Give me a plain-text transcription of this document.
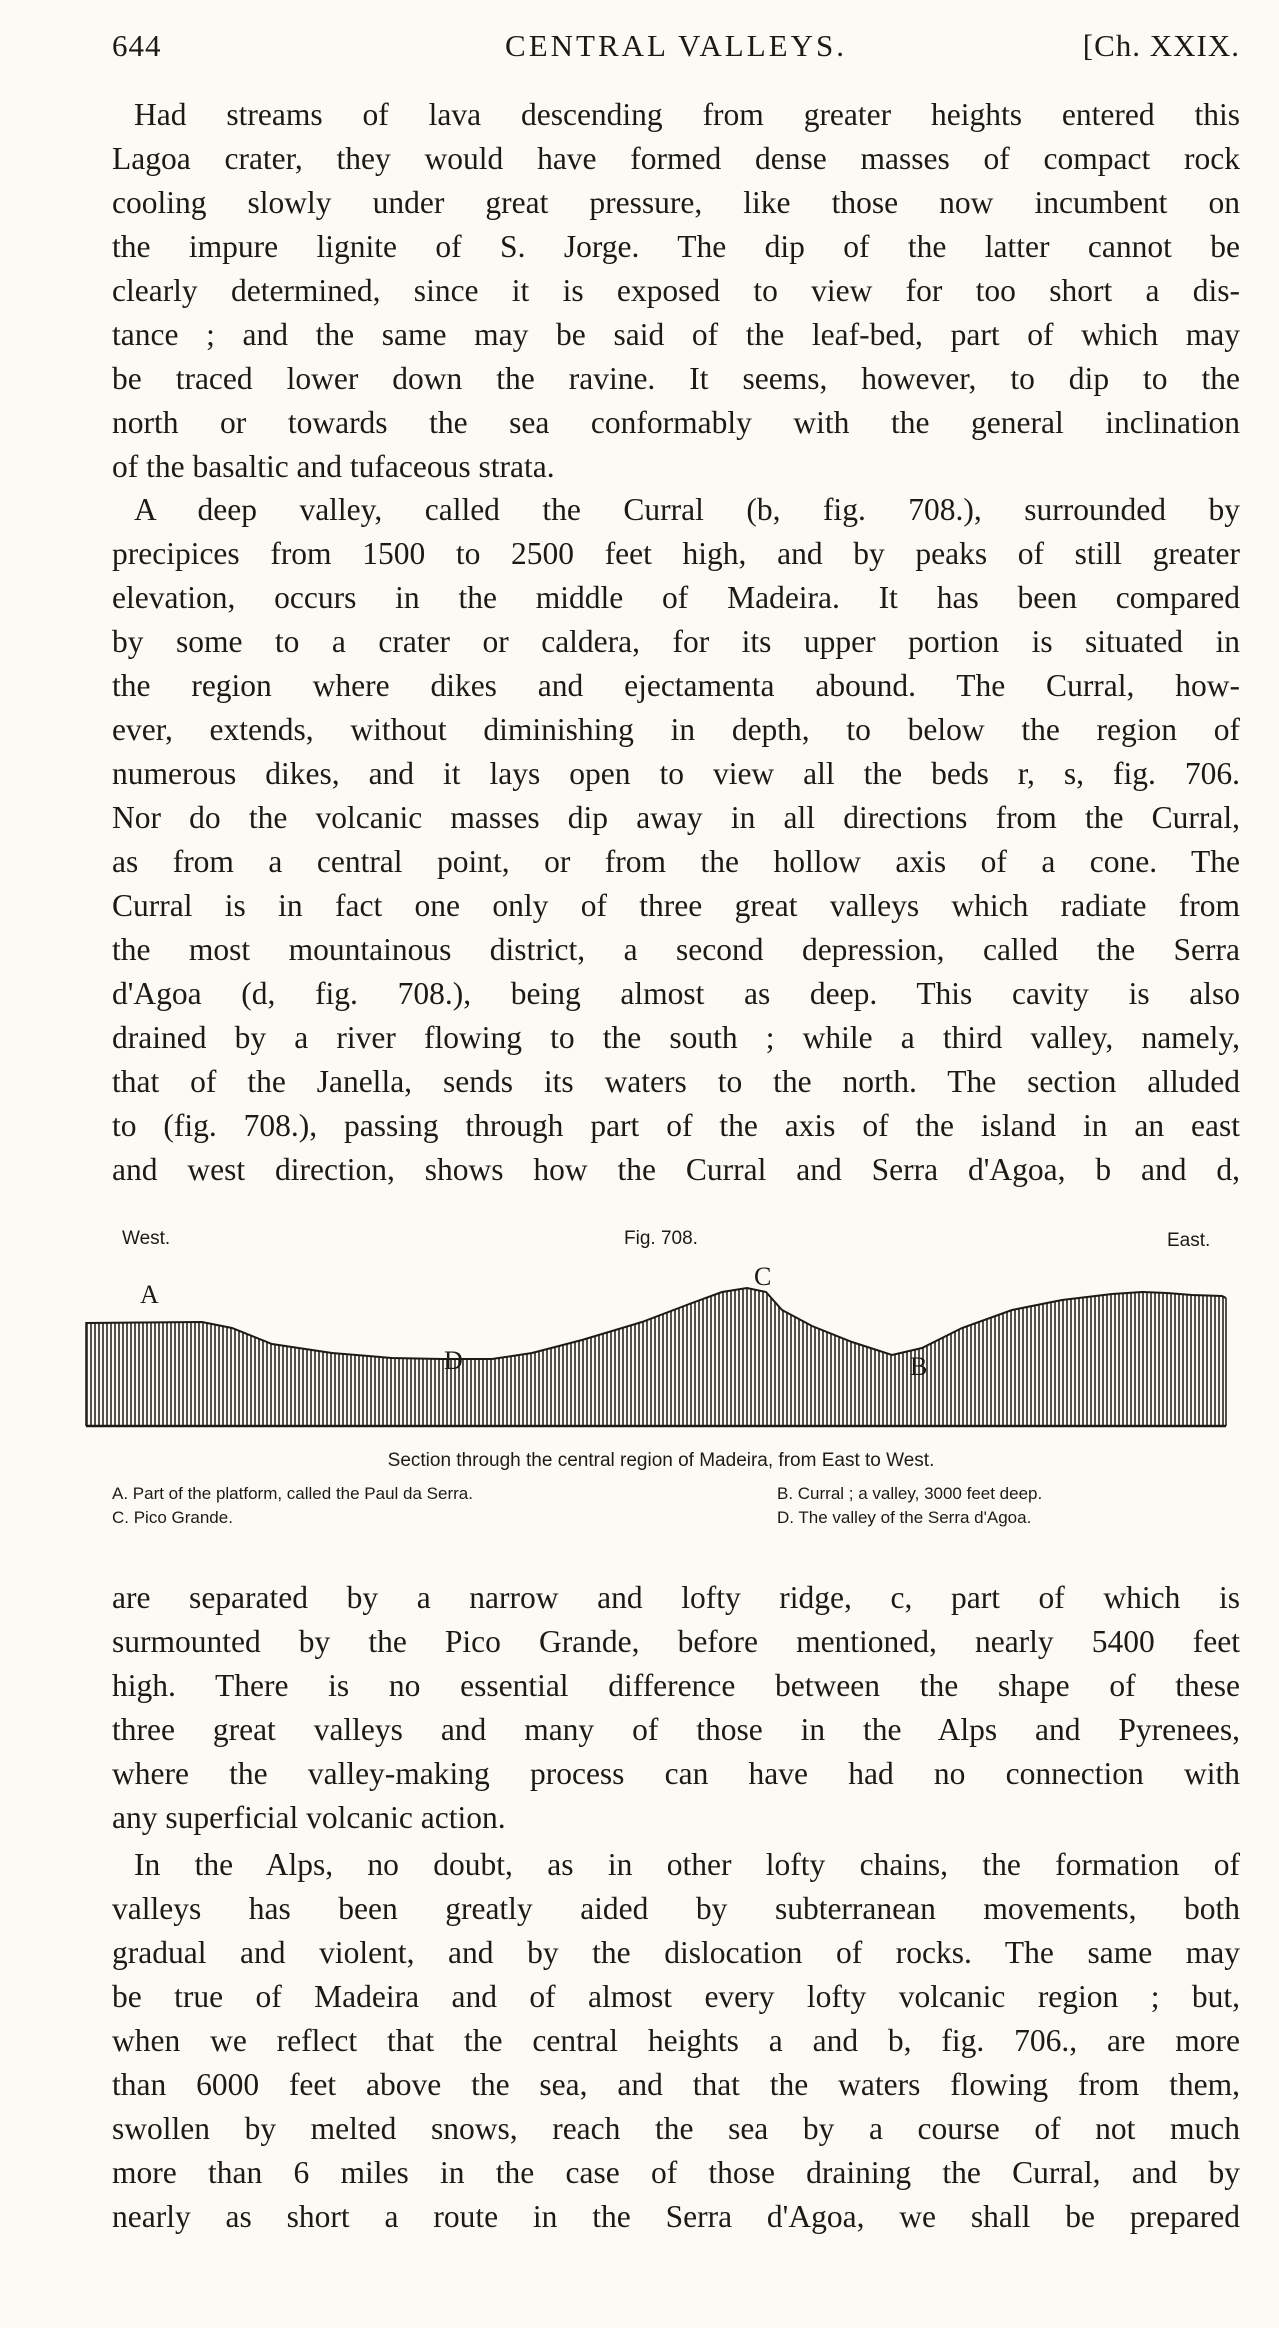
644	CENTRAL VALLEYS.	[Ch. XXIX.
Had streams of lava descending from greater heights entered this
Lagoa crater, they would have formed dense masses of compact rock
cooling slowly under great pressure, like those now incumbent on
the impure lignite of S. Jorge. The dip of the latter cannot be
clearly determined, since it is exposed to view for too short a dis-
tance ; and the same may be said of the leaf-bed, part of which may
be traced lower down the ravine. It seems, however, to dip to the
north or towards the sea conformably with the general inclination
of the basaltic and tufaceous strata.
A deep valley, called the Curral (b, fig. 708.), surrounded by
precipices from 1500 to 2500 feet high, and by peaks of still greater
elevation, occurs in the middle of Madeira. It has been compared
by some to a crater or caldera, for its upper portion is situated in
the region where dikes and ejectamenta abound. The Curral, how-
ever, extends, without diminishing in depth, to below the region of
numerous dikes, and it lays open to view all the beds r, s, fig. 706.
Nor do the volcanic masses dip away in all directions from the Curral,
as from a central point, or from the hollow axis of a cone. The
Curral is in fact one only of three great valleys which radiate from
the most mountainous district, a second depression, called the Serra
d'Agoa (d, fig. 708.), being almost as deep. This cavity is also
drained by a river flowing to the south ; while a third valley, namely,
that of the Janella, sends its waters to the north. The section alluded
to (fig. 708.), passing through part of the axis of the island in an east
and west direction, shows how the Curral and Serra d'Agoa, b and d,
West.	Fig. 708.	East.
A
C
D	B
Section through the central region of Madeira, from East to West.
A. Part of the platform, called the Paul da Serra.	B. Curral ; a valley, 3000 feet deep.
C. Pico Grande.	D. The valley of the Serra d'Agoa.
are separated by a narrow and lofty ridge, c, part of which is
surmounted by the Pico Grande, before mentioned, nearly 5400 feet
high. There is no essential difference between the shape of these
three great valleys and many of those in the Alps and Pyrenees,
where the valley-making process can have had no connection with
any superficial volcanic action.
In the Alps, no doubt, as in other lofty chains, the formation of
valleys has been greatly aided by subterranean movements, both
gradual and violent, and by the dislocation of rocks. The same may
be true of Madeira and of almost every lofty volcanic region ; but,
when we reflect that the central heights a and b, fig. 706., are more
than 6000 feet above the sea, and that the waters flowing from them,
swollen by melted snows, reach the sea by a course of not much
more than 6 miles in the case of those draining the Curral, and by
nearly as short a route in the Serra d'Agoa, we shall be prepared
